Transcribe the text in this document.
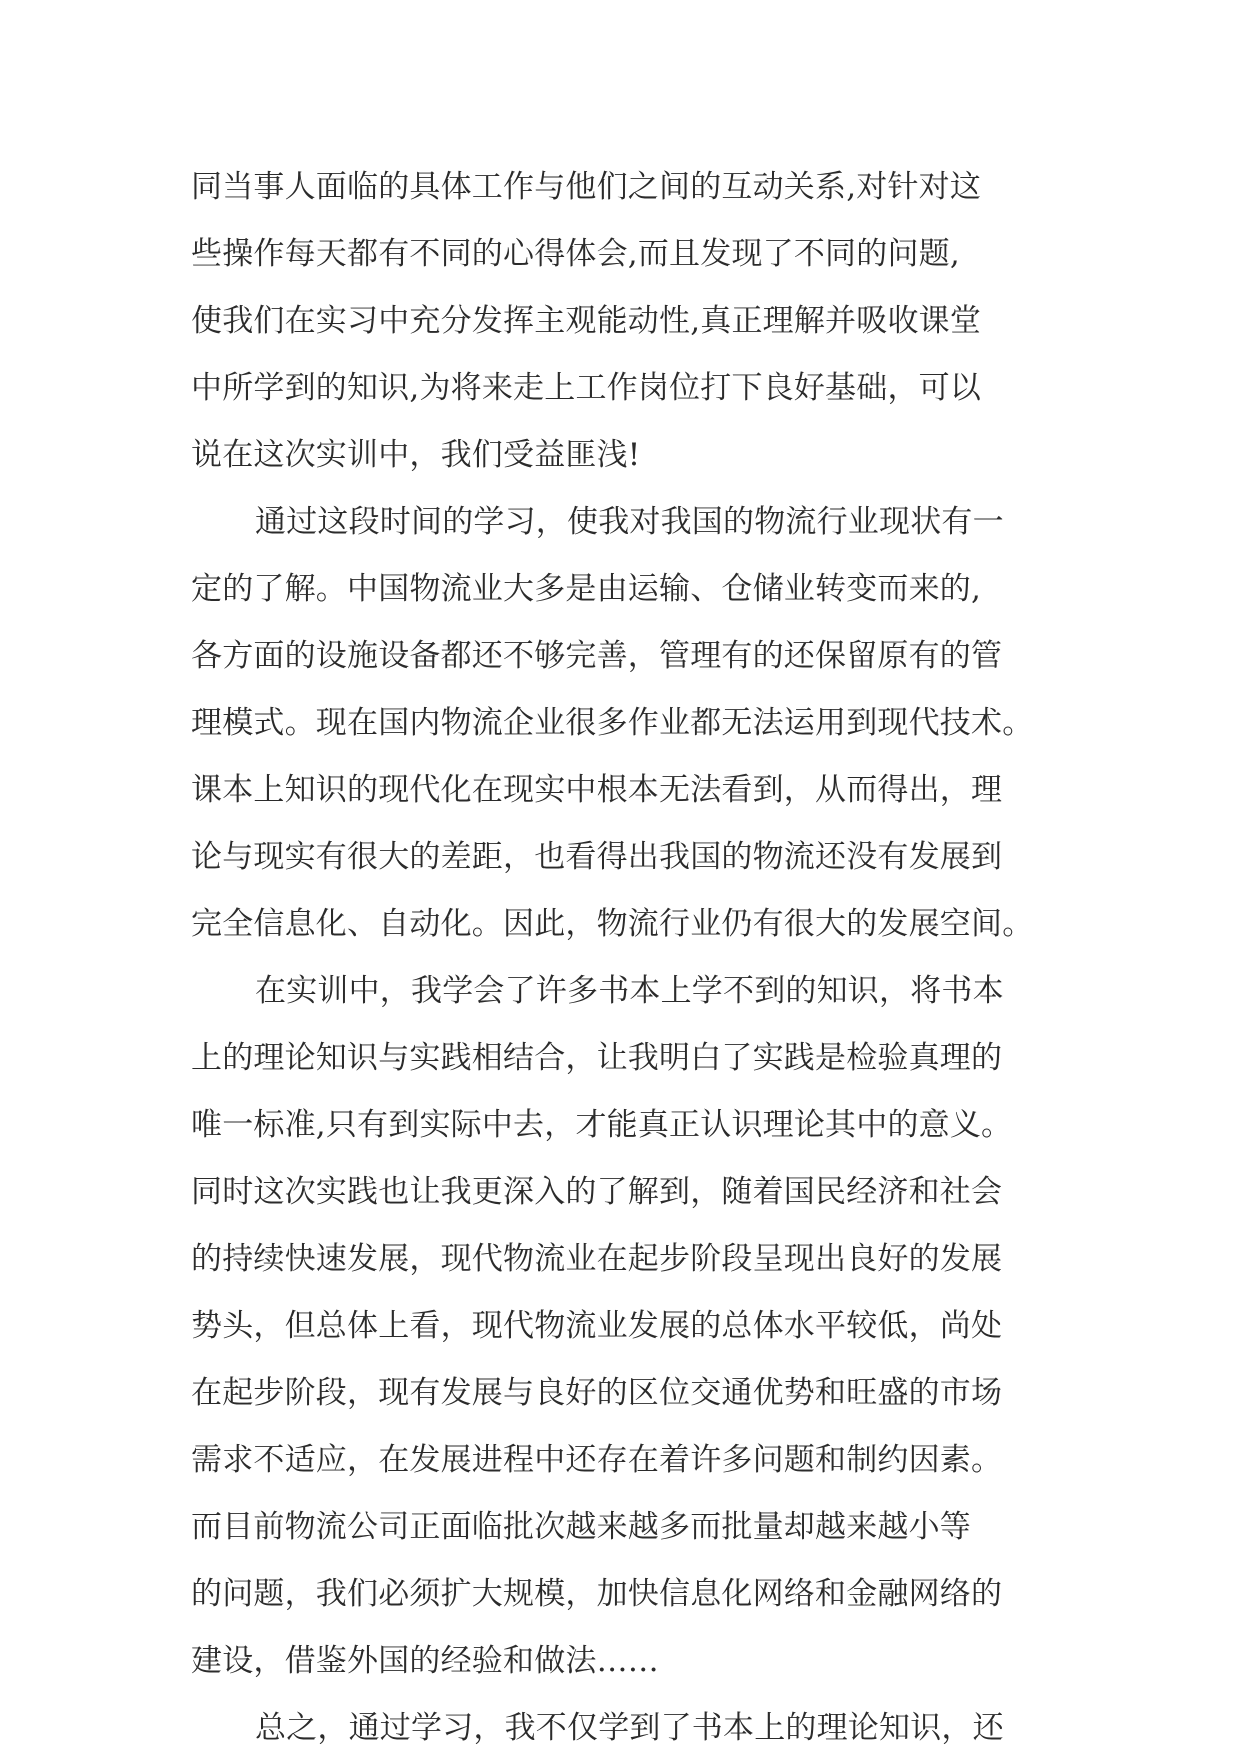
同当事人面临的具体工作与他们之间的互动关系,对针对这
些操作每天都有不同的心得体会,而且发现了不同的问题,
使我们在实习中充分发挥主观能动性,真正理解并吸收课堂
中所学到的知识,为将来走上工作岗位打下良好基础，可以
说在这次实训中，我们受益匪浅!
通过这段时间的学习，使我对我国的物流行业现状有一
定的了解。中国物流业大多是由运输、仓储业转变而来的,
各方面的设施设备都还不够完善，管理有的还保留原有的管
理模式。现在国内物流企业很多作业都无法运用到现代技术。
课本上知识的现代化在现实中根本无法看到，从而得出，理
论与现实有很大的差距，也看得出我国的物流还没有发展到
完全信息化、自动化。因此，物流行业仍有很大的发展空间。
在实训中，我学会了许多书本上学不到的知识，将书本
上的理论知识与实践相结合，让我明白了实践是检验真理的
唯一标准,只有到实际中去，才能真正认识理论其中的意义。
同时这次实践也让我更深入的了解到，随着国民经济和社会
的持续快速发展，现代物流业在起步阶段呈现出良好的发展
势头，但总体上看，现代物流业发展的总体水平较低，尚处
在起步阶段，现有发展与良好的区位交通优势和旺盛的市场
需求不适应，在发展进程中还存在着许多问题和制约因素。
而目前物流公司正面临批次越来越多而批量却越来越小等
的问题，我们必须扩大规模，加快信息化网络和金融网络的
建设，借鉴外国的经验和做法……
总之，通过学习，我不仅学到了书本上的理论知识，还
